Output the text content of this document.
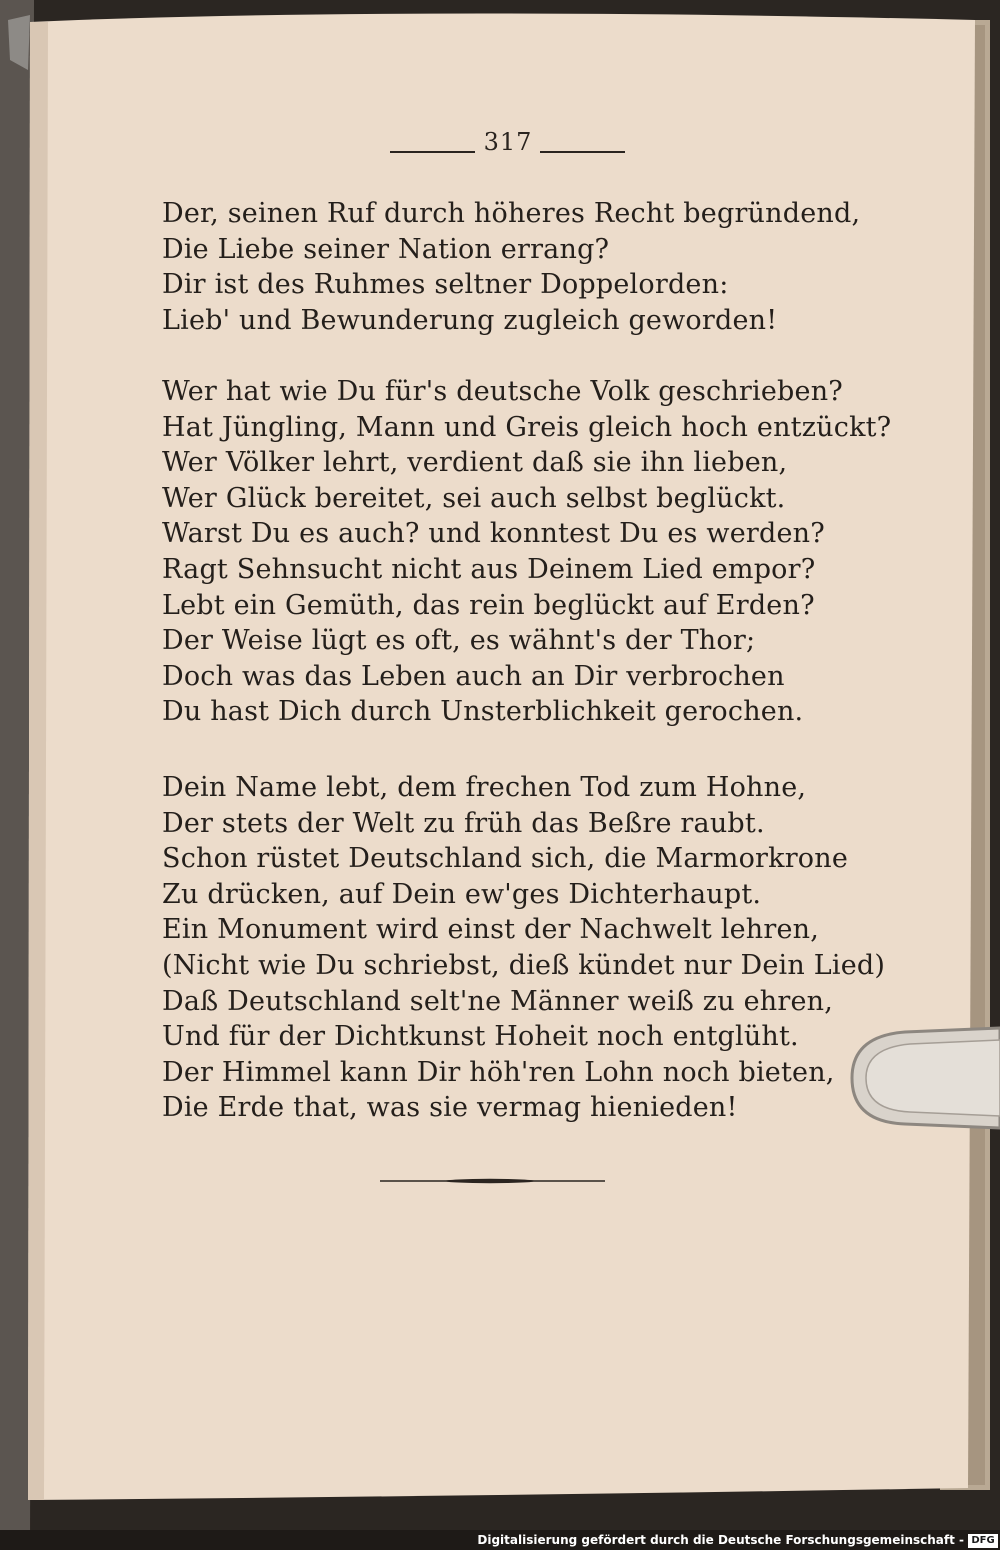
317
Der, seinen Ruf durch höheres Recht begründend,
Die Liebe seiner Nation errang?
Dir ist des Ruhmes seltner Doppelorden:
Lieb' und Bewunderung zugleich geworden!
Wer hat wie Du für's deutsche Volk geschrieben?
Hat Jüngling, Mann und Greis gleich hoch entzückt?
Wer Völker lehrt, verdient daß sie ihn lieben,
Wer Glück bereitet, sei auch selbst beglückt.
Warst Du es auch? und konntest Du es werden?
Ragt Sehnsucht nicht aus Deinem Lied empor?
Lebt ein Gemüth, das rein beglückt auf Erden?
Der Weise lügt es oft, es wähnt's der Thor;
Doch was das Leben auch an Dir verbrochen
Du hast Dich durch Unsterblichkeit gerochen.
Dein Name lebt, dem frechen Tod zum Hohne,
Der stets der Welt zu früh das Beßre raubt.
Schon rüstet Deutschland sich, die Marmorkrone
Zu drücken, auf Dein ew'ges Dichterhaupt.
Ein Monument wird einst der Nachwelt lehren,
(Nicht wie Du schriebst, dieß kündet nur Dein Lied)
Daß Deutschland selt'ne Männer weiß zu ehren,
Und für der Dichtkunst Hoheit noch entglüht.
Der Himmel kann Dir höh'ren Lohn noch bieten,
Die Erde that, was sie vermag hienieden!
Digitalisierung gefördert durch die Deutsche Forschungsgemeinschaft - DFG
